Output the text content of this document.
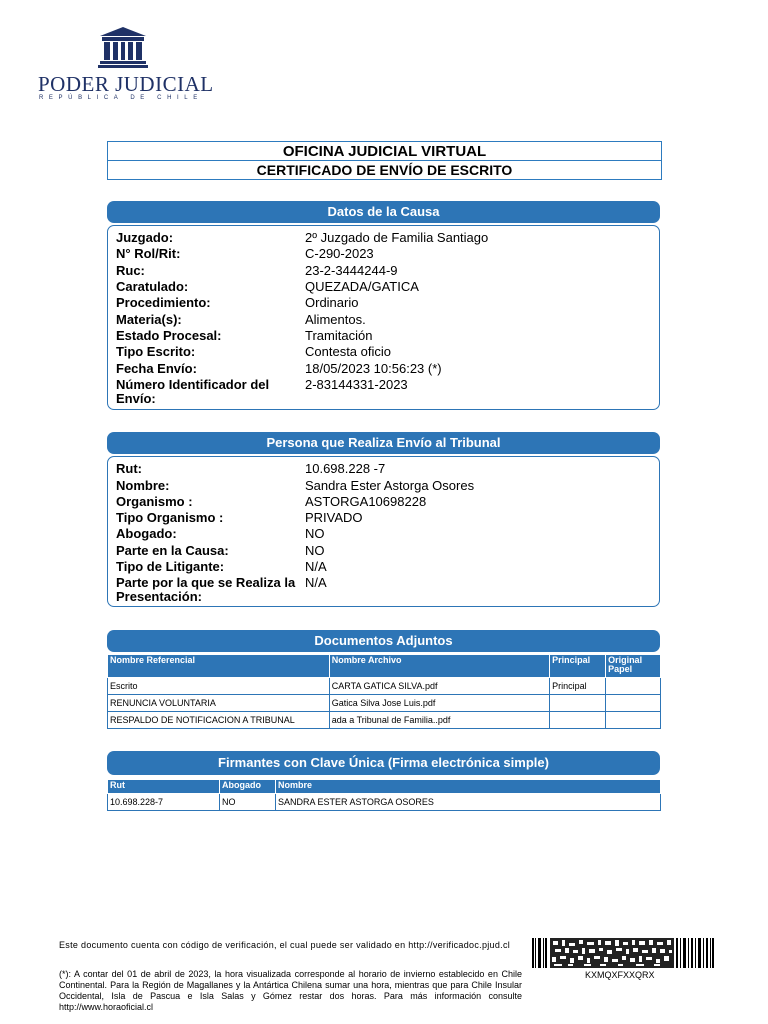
PODER JUDICIAL
REPÚBLICA DE CHILE
OFICINA JUDICIAL VIRTUAL
CERTIFICADO DE ENVÍO DE ESCRITO
Datos de la Causa
Juzgado:	2º Juzgado de Familia Santiago
N° Rol/Rit:	C-290-2023
Ruc:	23-2-3444244-9
Caratulado:	QUEZADA/GATICA
Procedimiento:	Ordinario
Materia(s):	Alimentos.
Estado Procesal:	Tramitación
Tipo Escrito:	Contesta oficio
Fecha Envío:	18/05/2023 10:56:23 (*)
Número Identificador del Envío:
2-83144331-2023
Persona que Realiza Envío al Tribunal
Rut:	10.698.228 -7
Nombre:	Sandra Ester Astorga Osores
Organismo :	ASTORGA10698228
Tipo Organismo :	PRIVADO
Abogado:	NO
Parte en la Causa:	NO
Tipo de Litigante:	N/A
Parte por la que se Realiza la Presentación:
N/A
Documentos Adjuntos
Nombre Referencial	Nombre Archivo	Principal	Original Papel
Escrito	CARTA GATICA SILVA.pdf	Principal	
RENUNCIA VOLUNTARIA	Gatica Silva Jose Luis.pdf		
RESPALDO DE NOTIFICACION A TRIBUNAL	ada a Tribunal de Familia..pdf		
Firmantes con Clave Única (Firma electrónica simple)
Rut	Abogado	Nombre
10.698.228-7	NO	SANDRA ESTER ASTORGA OSORES
Este documento cuenta con código de verificación, el cual puede ser validado en http://verificadoc.pjud.cl
(*): A contar del 01 de abril de 2023, la hora visualizada corresponde al horario de invierno establecido en Chile Continental. Para la Región de Magallanes y la Antártica Chilena sumar una hora, mientras que para Chile Insular Occidental, Isla de Pascua e Isla Salas y Gómez restar dos horas. Para más información consulte http://www.horaoficial.cl
KXMQXFXXQRX
